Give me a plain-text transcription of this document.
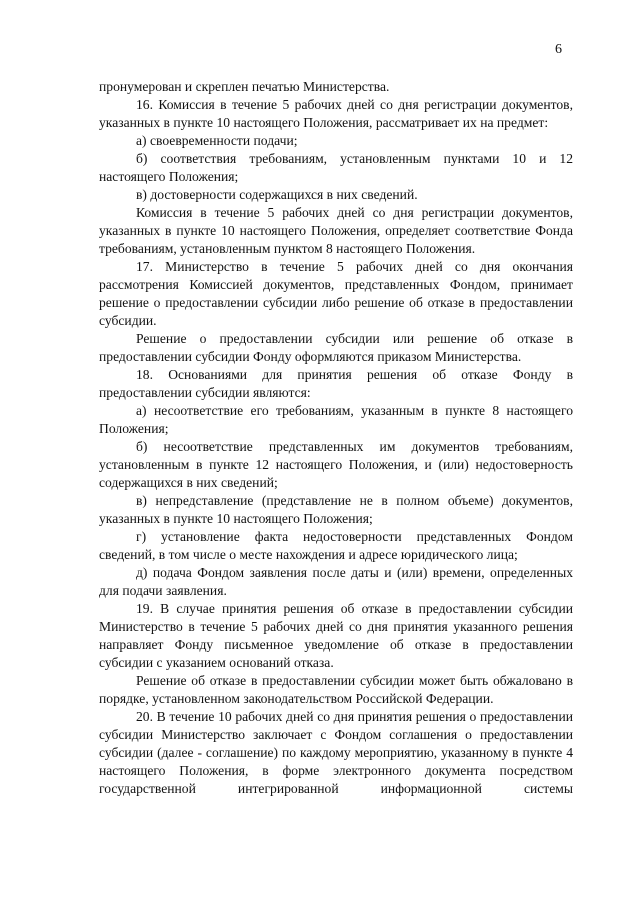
6

пронумерован и скреплен печатью Министерства.

16. Комиссия в течение 5 рабочих дней со дня регистрации документов, указанных в пункте 10 настоящего Положения, рассматривает их на предмет:

а) своевременности подачи;

б) соответствия требованиям, установленным пунктами 10 и 12 настоящего Положения;

в) достоверности содержащихся в них сведений.

Комиссия в течение 5 рабочих дней со дня регистрации документов, указанных в пункте 10 настоящего Положения, определяет соответствие Фонда требованиям, установленным пунктом 8 настоящего Положения.

17. Министерство в течение 5 рабочих дней со дня окончания рассмотрения Комиссией документов, представленных Фондом, принимает решение о предоставлении субсидии либо решение об отказе в предоставлении субсидии.

Решение о предоставлении субсидии или решение об отказе в предоставлении субсидии Фонду оформляются приказом Министерства.

18. Основаниями для принятия решения об отказе Фонду в предоставлении субсидии являются:

а) несоответствие его требованиям, указанным в пункте 8 настоящего Положения;

б) несоответствие представленных им документов требованиям, установленным в пункте 12 настоящего Положения, и (или) недостоверность содержащихся в них сведений;

в) непредставление (представление не в полном объеме) документов, указанных в пункте 10 настоящего Положения;

г) установление факта недостоверности представленных Фондом сведений, в том числе о месте нахождения и адресе юридического лица;

д) подача Фондом заявления после даты и (или) времени, определенных для подачи заявления.

19. В случае принятия решения об отказе в предоставлении субсидии Министерство в течение 5 рабочих дней со дня принятия указанного решения направляет Фонду письменное уведомление об отказе в предоставлении субсидии с указанием оснований отказа.

Решение об отказе в предоставлении субсидии может быть обжаловано в порядке, установленном законодательством Российской Федерации.

20. В течение 10 рабочих дней со дня принятия решения о предоставлении субсидии Министерство заключает с Фондом соглашения о предоставлении субсидии (далее - соглашение) по каждому мероприятию, указанному в пункте 4 настоящего Положения, в форме электронного документа посредством государственной интегрированной информационной системы
